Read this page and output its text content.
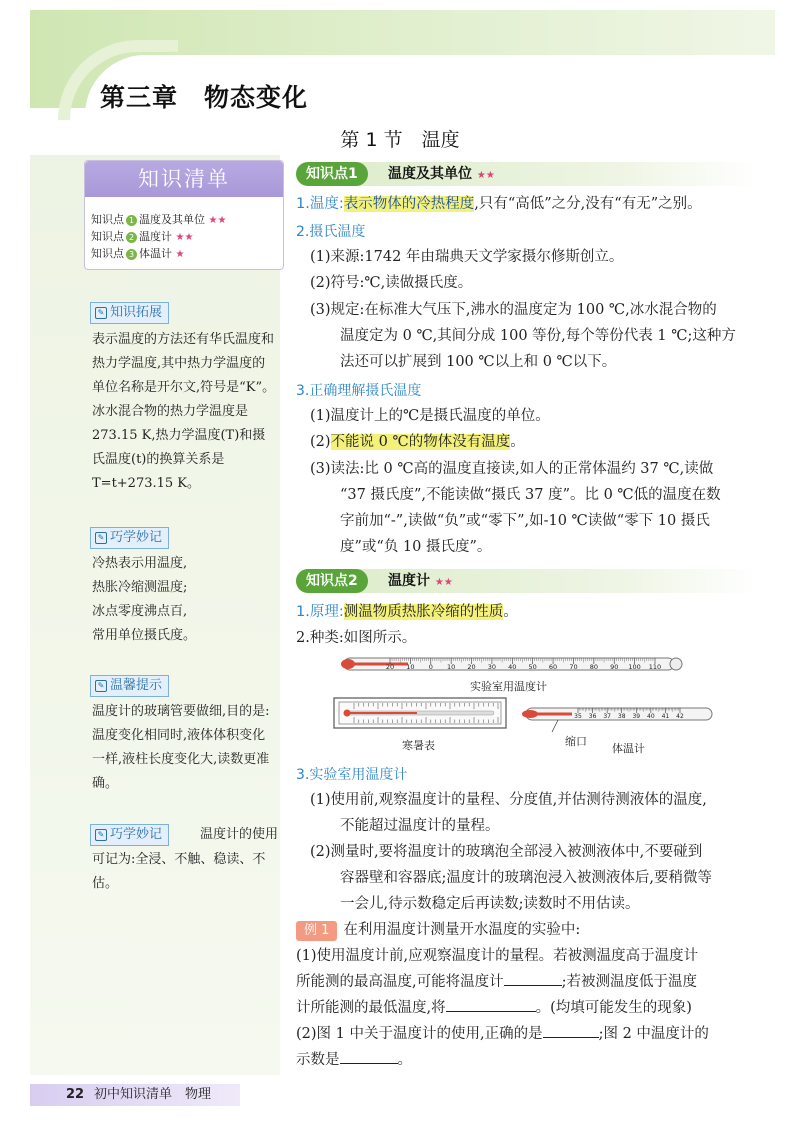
第三章　物态变化
第 1 节　温度
知识清单
知识点 1 温度及其单位 ★★
知识点 2 温度计 ★★
知识点 3 体温计 ★
✎ 知识拓展
表示温度的方法还有华氏温度和热力学温度,其中热力学温度的单位名称是开尔文,符号是“K”。冰水混合物的热力学温度是 273.15 K,热力学温度(T)和摄氏温度(t)的换算关系是 T=t+273.15 K。
✎ 巧学妙记
冷热表示用温度,
热胀冷缩测温度;
冰点零度沸点百,
常用单位摄氏度。
✎ 温馨提示
温度计的玻璃管要做细,目的是:温度变化相同时,液体体积变化一样,液柱长度变化大,读数更准确。
✎ 巧学妙记	温度计的使用
可记为:全浸、不触、稳读、不估。
知识点1	温度及其单位 ★★
1.温度:表示物体的冷热程度,只有“高低”之分,没有“有无”之别。
2.摄氏温度
(1)来源:1742 年由瑞典天文学家摄尔修斯创立。
(2)符号:℃,读做摄氏度。
(3)规定:在标准大气压下,沸水的温度定为 100 ℃,冰水混合物的
温度定为 0 ℃,其间分成 100 等份,每个等份代表 1 ℃;这种方
法还可以扩展到 100 ℃以上和 0 ℃以下。
3.正确理解摄氏温度
(1)温度计上的℃是摄氏温度的单位。
(2)不能说 0 ℃的物体没有温度。
(3)读法:比 0 ℃高的温度直接读,如人的正常体温约 37 ℃,读做
“37 摄氏度”,不能读做“摄氏 37 度”。比 0 ℃低的温度在数
字前加“-”,读做“负”或“零下”,如-10 ℃读做“零下 10 摄氏
度”或“负 10 摄氏度”。
知识点2	温度计 ★★
1.原理:测温物质热胀冷缩的性质。
2.种类:如图所示。
20 10 0 10 20 30 40 50 60 70 80 90 100 110
35 36 37 38 39 40 41 42
实验室用温度计
寒暑表	缩口
体温计
3.实验室用温度计
(1)使用前,观察温度计的量程、分度值,并估测待测液体的温度,
不能超过温度计的量程。
(2)测量时,要将温度计的玻璃泡全部浸入被测液体中,不要碰到
容器壁和容器底;温度计的玻璃泡浸入被测液体后,要稍微等
一会儿,待示数稳定后再读数;读数时不用估读。
例 1 在利用温度计测量开水温度的实验中:
(1)使用温度计前,应观察温度计的量程。若被测温度高于温度计
所能测的最高温度,可能将温度计	;若被测温度低于温度
计所能测的最低温度,将	。(均填可能发生的现象)
(2)图 1 中关于温度计的使用,正确的是	;图 2 中温度计的
示数是	。
22 初中知识清单　物理
